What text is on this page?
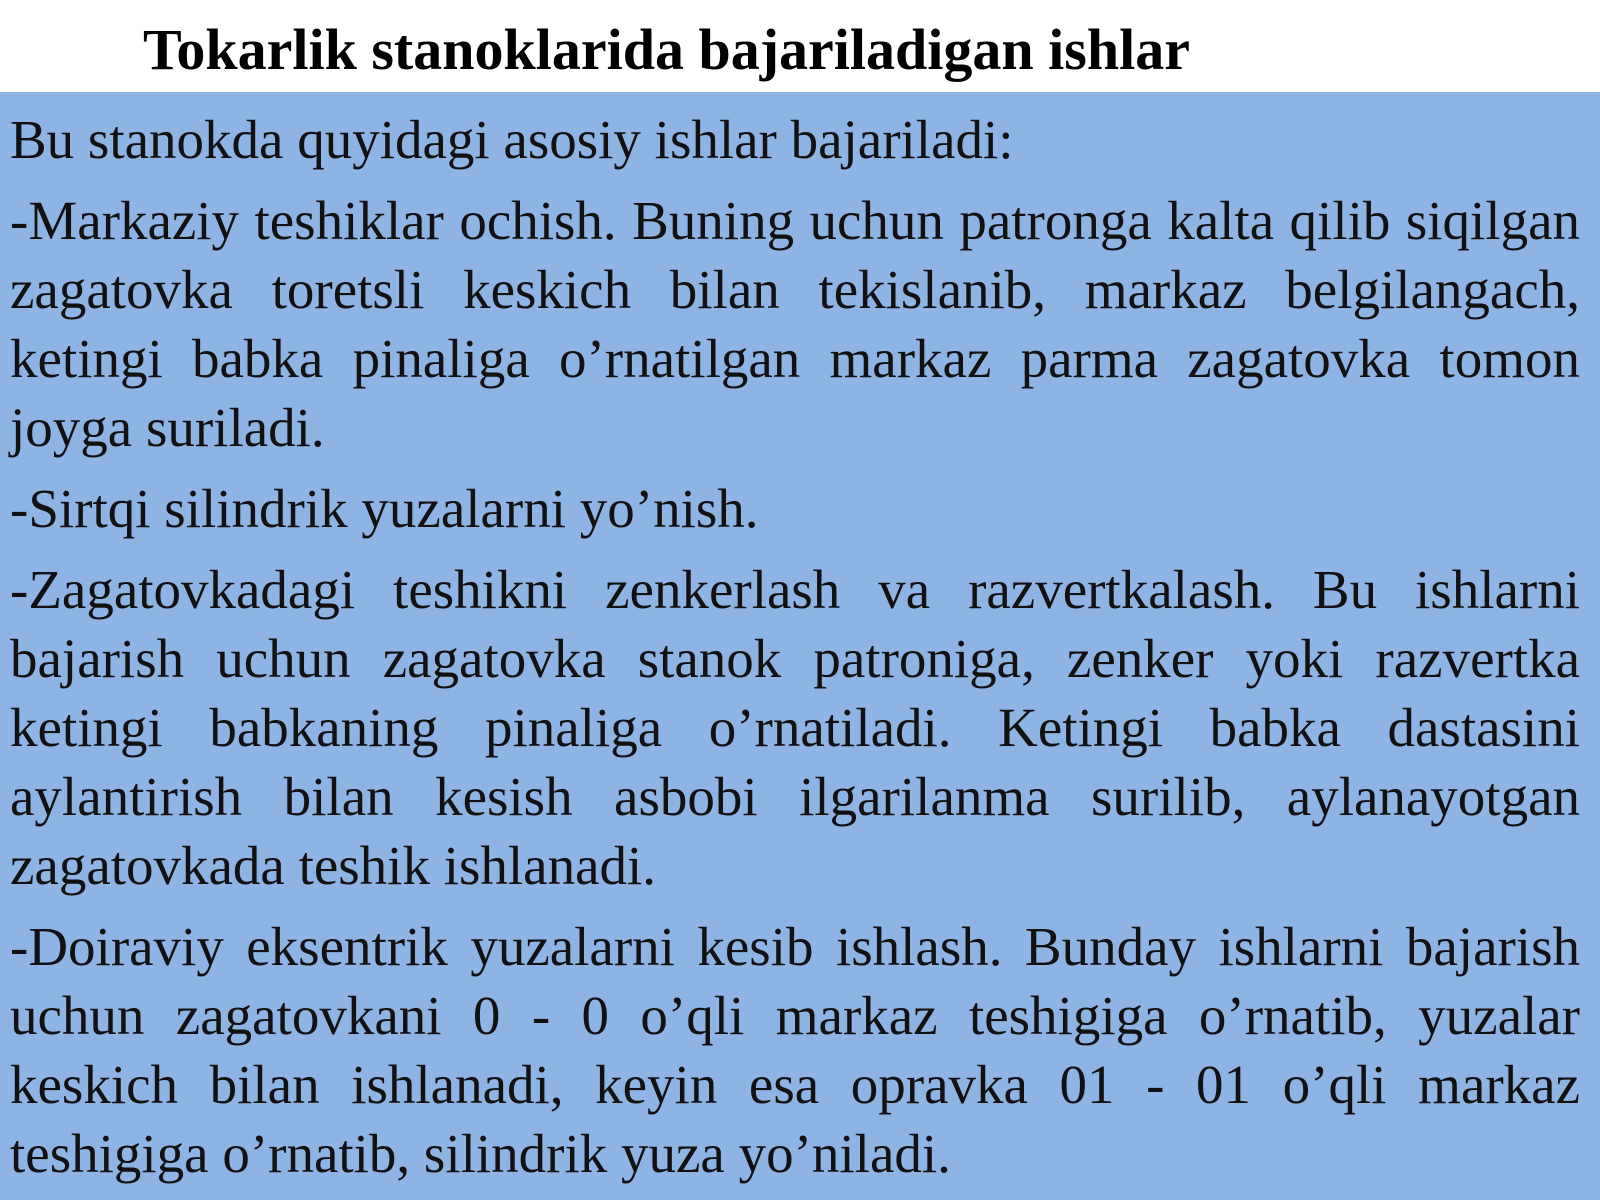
Tokarlik stanoklarida bajariladigan ishlar

Bu stanokda quyidagi asosiy ishlar bajariladi:

-Markaziy teshiklar ochish. Buning uchun patronga kalta qilib siqilgan zagatovka toretsli keskich bilan tekislanib, markaz belgilangach, ketingi babka pinaliga o’rnatilgan markaz parma zagatovka tomon joyga suriladi.

-Sirtqi silindrik yuzalarni yo’nish.

-Zagatovkadagi teshikni zenkerlash va razvertkalash. Bu ishlarni bajarish uchun zagatovka stanok patroniga, zenker yoki razvertka ketingi babkaning pinaliga o’rnatiladi. Ketingi babka dastasini aylantirish bilan kesish asbobi ilgarilanma surilib, aylanayotgan zagatovkada teshik ishlanadi.

-Doiraviy eksentrik yuzalarni kesib ishlash. Bunday ishlarni bajarish uchun zagatovkani 0 - 0 o’qli markaz teshigiga o’rnatib, yuzalar keskich bilan ishlanadi, keyin esa opravka 01 - 01 o’qli markaz teshigiga o’rnatib, silindrik yuza yo’niladi.
